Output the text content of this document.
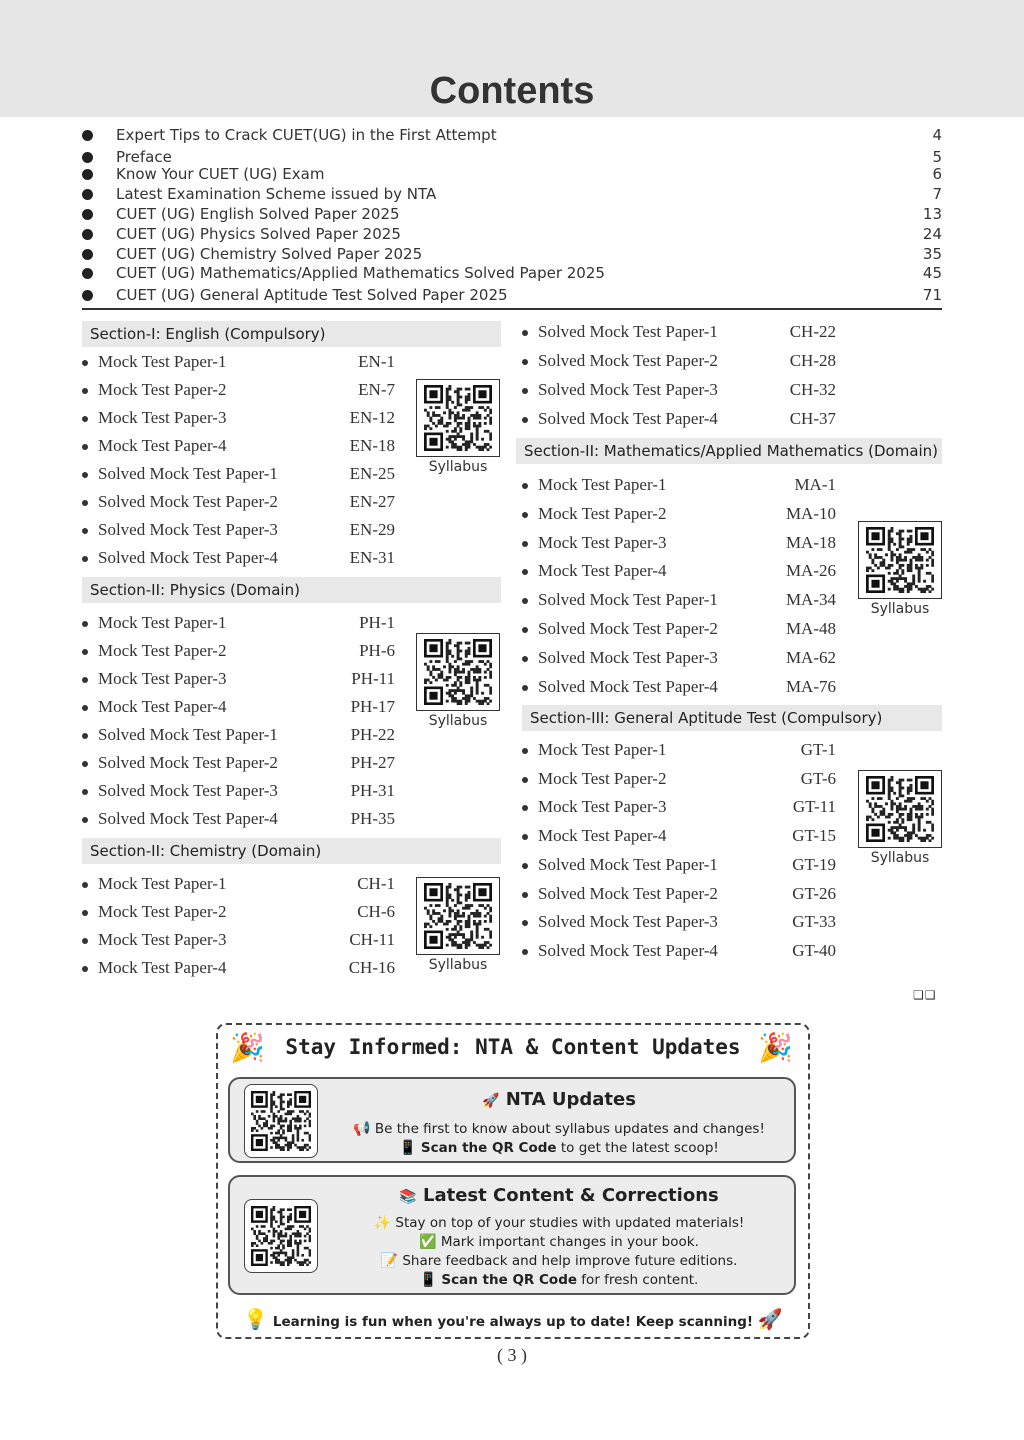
Contents
❑❑
🎉 Stay Informed: NTA & Content Updates 🎉
🚀 NTA Updates
📢 Be the first to know about syllabus updates and changes!
📱 Scan the QR Code to get the latest scoop!
📚 Latest Content & Corrections
✨ Stay on top of your studies with updated materials!
✅ Mark important changes in your book.
📝 Share feedback and help improve future editions.
📱 Scan the QR Code for fresh content.
💡 Learning is fun when you're always up to date! Keep scanning! 🚀
( 3 )
Expert Tips to Crack CUET(UG) in the First Attempt	4
Preface	5
Know Your CUET (UG) Exam	6
Latest Examination Scheme issued by NTA	7
CUET (UG) English Solved Paper 2025	13
CUET (UG) Physics Solved Paper 2025	24
CUET (UG) Chemistry Solved Paper 2025	35
CUET (UG) Mathematics/Applied Mathematics Solved Paper 2025	45
CUET (UG) General Aptitude Test Solved Paper 2025	71
Section-I: English (Compulsory)
Mock Test Paper-1	EN-1
Mock Test Paper-2	EN-7
Mock Test Paper-3	EN-12
Mock Test Paper-4	EN-18
Solved Mock Test Paper-1	EN-25
Solved Mock Test Paper-2	EN-27
Solved Mock Test Paper-3	EN-29
Solved Mock Test Paper-4	EN-31
Syllabus
Section-II: Physics (Domain)
Mock Test Paper-1	PH-1
Mock Test Paper-2	PH-6
Mock Test Paper-3	PH-11
Mock Test Paper-4	PH-17
Solved Mock Test Paper-1	PH-22
Solved Mock Test Paper-2	PH-27
Solved Mock Test Paper-3	PH-31
Solved Mock Test Paper-4	PH-35
Syllabus
Section-II: Chemistry (Domain)
Mock Test Paper-1	CH-1
Mock Test Paper-2	CH-6
Mock Test Paper-3	CH-11
Mock Test Paper-4	CH-16	Syllabus
Solved Mock Test Paper-1	CH-22
Solved Mock Test Paper-2	CH-28
Solved Mock Test Paper-3	CH-32
Solved Mock Test Paper-4	CH-37
Section-II: Mathematics/Applied Mathematics (Domain)
Mock Test Paper-1	MA-1
Mock Test Paper-2	MA-10
Mock Test Paper-3	MA-18
Mock Test Paper-4	MA-26
Solved Mock Test Paper-1	MA-34
Solved Mock Test Paper-2	MA-48
Solved Mock Test Paper-3	MA-62
Solved Mock Test Paper-4	MA-76
Syllabus
Section-III: General Aptitude Test (Compulsory)
Mock Test Paper-1	GT-1
Mock Test Paper-2	GT-6
Mock Test Paper-3	GT-11
Mock Test Paper-4	GT-15
Solved Mock Test Paper-1	GT-19
Solved Mock Test Paper-2	GT-26
Solved Mock Test Paper-3	GT-33
Solved Mock Test Paper-4	GT-40
Syllabus
